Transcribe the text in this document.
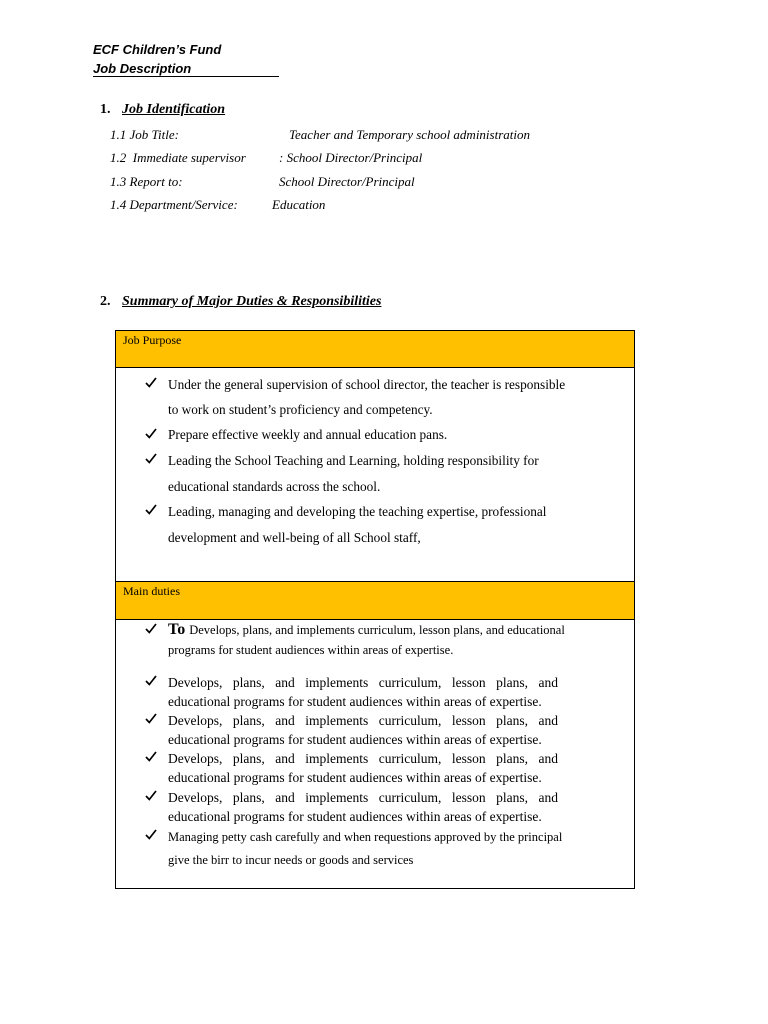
ECF Children’s Fund
Job Description
1. Job Identification
1.1 Job Title:	Teacher and Temporary school administration
1.2  Immediate supervisor	: School Director/Principal
1.3 Report to:	School Director/Principal
1.4 Department/Service:	Education
2. Summary of Major Duties & Responsibilities
Job Purpose
Main duties
Under the general supervision of school director, the teacher is responsible
to work on student’s proficiency and competency.
Prepare effective weekly and annual education pans.
Leading the School Teaching and Learning, holding responsibility for
educational standards across the school.
Leading, managing and developing the teaching expertise, professional
development and well-being of all School staff,
To Develops, plans, and implements curriculum, lesson plans, and educational
programs for student audiences within areas of expertise.
Develops, plans, and implements curriculum, lesson plans, and
educational programs for student audiences within areas of expertise.
Develops, plans, and implements curriculum, lesson plans, and
educational programs for student audiences within areas of expertise.
Develops, plans, and implements curriculum, lesson plans, and
educational programs for student audiences within areas of expertise.
Develops, plans, and implements curriculum, lesson plans, and
educational programs for student audiences within areas of expertise.
Managing petty cash carefully and when requestions approved by the principal
give the birr to incur needs or goods and services
